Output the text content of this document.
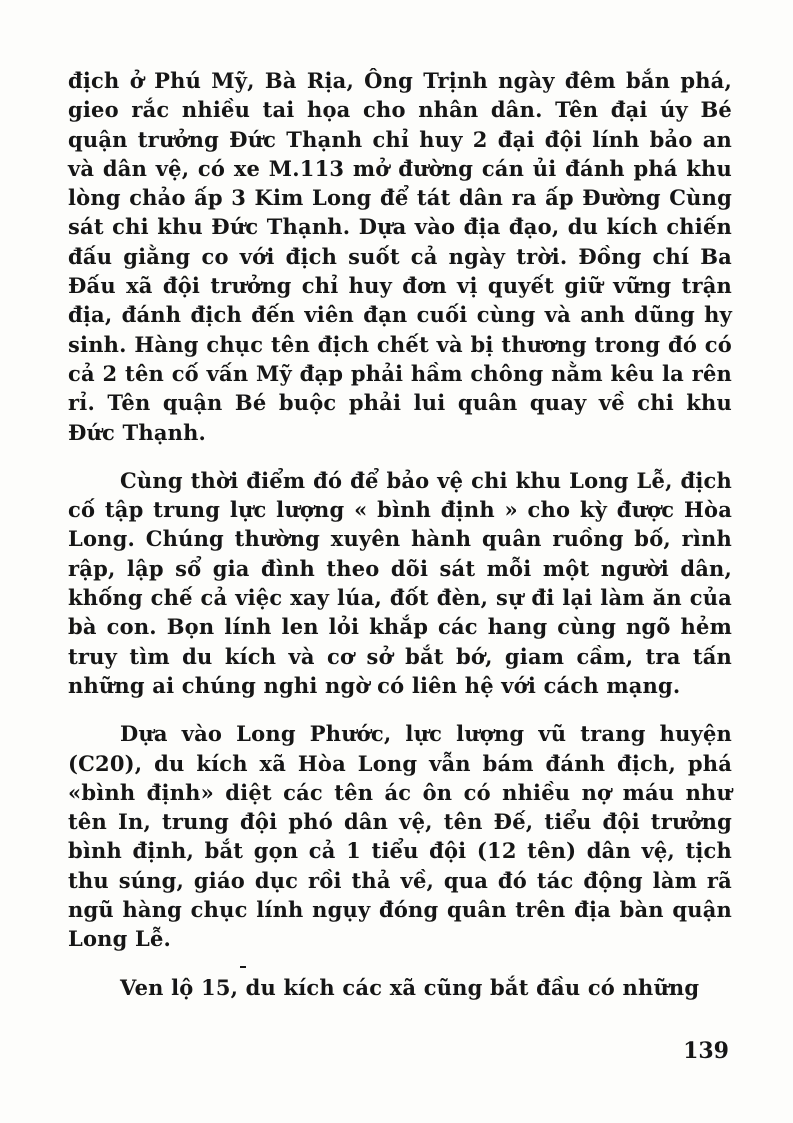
địch ở Phú Mỹ, Bà Rịa, Ông Trịnh ngày đêm bắn phá, gieo rắc nhiều tai họa cho nhân dân. Tên đại úy Bé quận trưởng Đức Thạnh chỉ huy 2 đại đội lính bảo an và dân vệ, có xe M.113 mở đường cán ủi đánh phá khu lòng chảo ấp 3 Kim Long để tát dân ra ấp Đường Cùng sát chi khu Đức Thạnh. Dựa vào địa đạo, du kích chiến đấu giằng co với địch suốt cả ngày trời. Đồng chí Ba Đấu xã đội trưởng chỉ huy đơn vị quyết giữ vững trận địa, đánh địch đến viên đạn cuối cùng và anh dũng hy sinh. Hàng chục tên địch chết và bị thương trong đó có cả 2 tên cố vấn Mỹ đạp phải hầm chông nằm kêu la rên rỉ. Tên quận Bé buộc phải lui quân quay về chi khu Đức Thạnh.

Cùng thời điểm đó để bảo vệ chi khu Long Lễ, địch cố tập trung lực lượng « bình định » cho kỳ được Hòa Long. Chúng thường xuyên hành quân ruồng bố, rình rập, lập sổ gia đình theo dõi sát mỗi một người dân, khống chế cả việc xay lúa, đốt đèn, sự đi lại làm ăn của bà con. Bọn lính len lỏi khắp các hang cùng ngõ hẻm truy tìm du kích và cơ sở bắt bớ, giam cầm, tra tấn những ai chúng nghi ngờ có liên hệ với cách mạng.

Dựa vào Long Phước, lực lượng vũ trang huyện (C20), du kích xã Hòa Long vẫn bám đánh địch, phá «bình định» diệt các tên ác ôn có nhiều nợ máu như tên In, trung đội phó dân vệ, tên Đế, tiểu đội trưởng bình định, bắt gọn cả 1 tiểu đội (12 tên) dân vệ, tịch thu súng, giáo dục rồi thả về, qua đó tác động làm rã ngũ hàng chục lính ngụy đóng quân trên địa bàn quận Long Lễ.

Ven lộ 15, du kích các xã cũng bắt đầu có những

139
